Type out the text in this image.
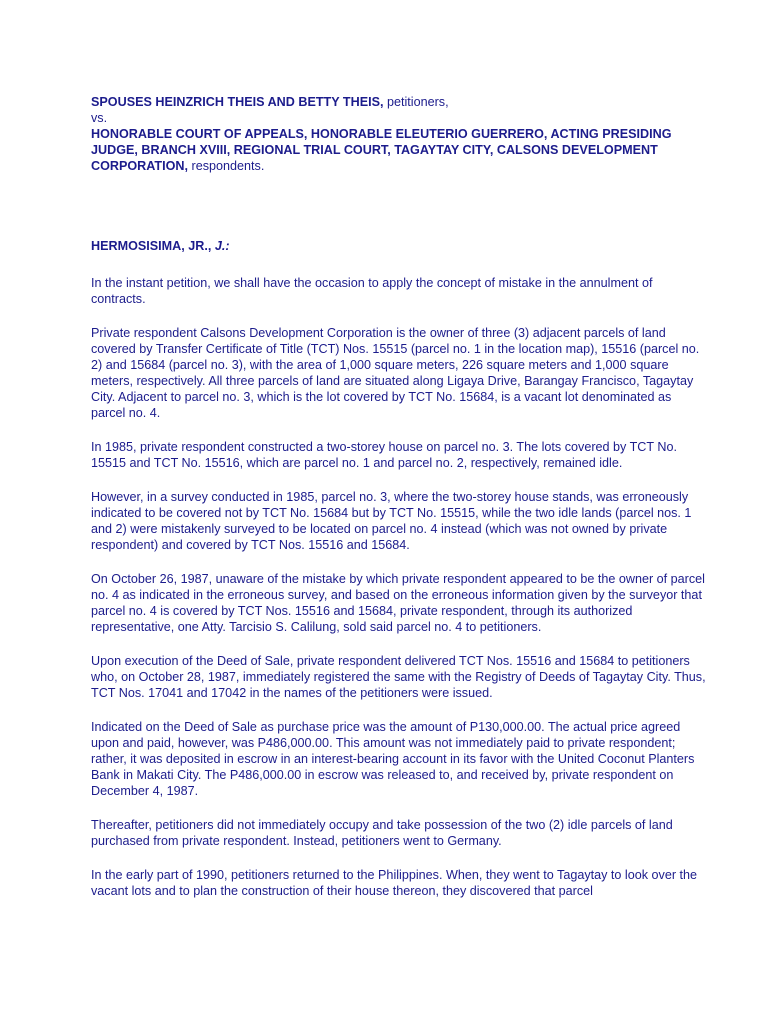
SPOUSES HEINZRICH THEIS AND BETTY THEIS, petitioners,

vs.

HONORABLE COURT OF APPEALS, HONORABLE ELEUTERIO GUERRERO, ACTING PRESIDING JUDGE, BRANCH XVIII, REGIONAL TRIAL COURT, TAGAYTAY CITY, CALSONS DEVELOPMENT CORPORATION, respondents.

HERMOSISIMA, JR., J.:

In the instant petition, we shall have the occasion to apply the concept of mistake in the annulment of contracts.

Private respondent Calsons Development Corporation is the owner of three (3) adjacent parcels of land covered by Transfer Certificate of Title (TCT) Nos. 15515 (parcel no. 1 in the location map), 15516 (parcel no. 2) and 15684 (parcel no. 3), with the area of 1,000 square meters, 226 square meters and 1,000 square meters, respectively. All three parcels of land are situated along Ligaya Drive, Barangay Francisco, Tagaytay City. Adjacent to parcel no. 3, which is the lot covered by TCT No. 15684, is a vacant lot denominated as parcel no. 4.

In 1985, private respondent constructed a two-storey house on parcel no. 3. The lots covered by TCT No. 15515 and TCT No. 15516, which are parcel no. 1 and parcel no. 2, respectively, remained idle.

However, in a survey conducted in 1985, parcel no. 3, where the two-storey house stands, was erroneously indicated to be covered not by TCT No. 15684 but by TCT No. 15515, while the two idle lands (parcel nos. 1 and 2) were mistakenly surveyed to be located on parcel no. 4 instead (which was not owned by private respondent) and covered by TCT Nos. 15516 and 15684.

On October 26, 1987, unaware of the mistake by which private respondent appeared to be the owner of parcel no. 4 as indicated in the erroneous survey, and based on the erroneous information given by the surveyor that parcel no. 4 is covered by TCT Nos. 15516 and 15684, private respondent, through its authorized representative, one Atty. Tarcisio S. Calilung, sold said parcel no. 4 to petitioners.

Upon execution of the Deed of Sale, private respondent delivered TCT Nos. 15516 and 15684 to petitioners who, on October 28, 1987, immediately registered the same with the Registry of Deeds of Tagaytay City. Thus, TCT Nos. 17041 and 17042 in the names of the petitioners were issued.

Indicated on the Deed of Sale as purchase price was the amount of P130,000.00. The actual price agreed upon and paid, however, was P486,000.00. This amount was not immediately paid to private respondent; rather, it was deposited in escrow in an interest-bearing account in its favor with the United Coconut Planters Bank in Makati City. The P486,000.00 in escrow was released to, and received by, private respondent on December 4, 1987.

Thereafter, petitioners did not immediately occupy and take possession of the two (2) idle parcels of land purchased from private respondent. Instead, petitioners went to Germany.

In the early part of 1990, petitioners returned to the Philippines. When, they went to Tagaytay to look over the vacant lots and to plan the construction of their house thereon, they discovered that parcel
